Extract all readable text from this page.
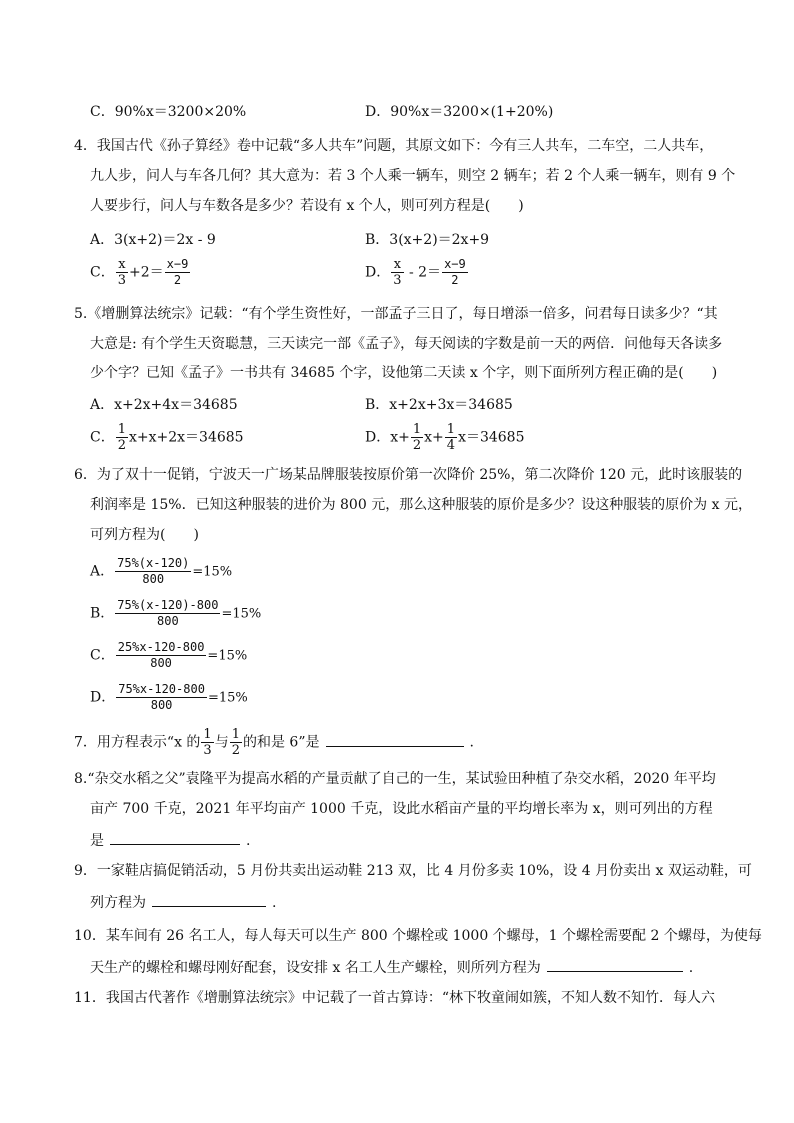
C．90%x＝3200×20%	D．90%x＝3200×(1+20%)
4．我国古代《孙子算经》卷中记载“多人共车”问题，其原文如下：今有三人共车，二车空，二人共车，
九人步，问人与车各几何？其大意为：若 3 个人乘一辆车，则空 2 辆车；若 2 个人乘一辆车，则有 9 个
人要步行，问人与车数各是多少？若设有 x 个人，则可列方程是(　　)
A．3(x+2)＝2x - 9	B．3(x+2)＝2x+9
C． $\frac{x}{3} +2= \frac{x-9}{2}$	D． $\frac{x}{3} - 2= \frac{x-9}{2}$
5.《增删算法统宗》记载：“有个学生资性好，一部孟子三日了，每日增添一倍多，问君每日读多少？“其
大意是: 有个学生天资聪慧，三天读完一部《孟子》，每天阅读的字数是前一天的两倍．问他每天各读多
少个字？已知《孟子》一书共有 34685 个字，设他第二天读 x 个字，则下面所列方程正确的是(　　)
A．x+2x+4x＝34685	B．x+2x+3x＝34685
C． $\frac{1}{2} x+x+2x=34685$	D．$x+ \frac{1}{2} x+ \frac{1}{4} x=34685$
6．为了双十一促销，宁波天一广场某品牌服装按原价第一次降价 25%，第二次降价 120 元，此时该服装的
利润率是 15%．已知这种服装的进价为 800 元，那么这种服装的原价是多少？设这种服装的原价为 x 元，
可列方程为(　　)
A． $\frac{75\%(x-120)}{800} =15\%$
B． $\frac{75\%(x-120)-800}{800} =15\%$
C． $\frac{25\%x-120-800}{800} =15\%$
D． $\frac{75\%x-120-800}{800} =15\%$
7．用方程表示“x 的 $\frac{1}{3}$ 与 $\frac{1}{2}$ 的和是 6”是	.
8.“杂交水稻之父”袁隆平为提高水稻的产量贡献了自己的一生，某试验田种植了杂交水稻，2020 年平均
亩产 700 千克，2021 年平均亩产 1000 千克，设此水稻亩产量的平均增长率为 x，则可列出的方程
是	.
9．一家鞋店搞促销活动，5 月份共卖出运动鞋 213 双，比 4 月份多卖 10%，设 4 月份卖出 x 双运动鞋，可
列方程为	.
10．某车间有 26 名工人，每人每天可以生产 800 个螺栓或 1000 个螺母，1 个螺栓需要配 2 个螺母，为使每
天生产的螺栓和螺母刚好配套，设安排 x 名工人生产螺栓，则所列方程为	.
11．我国古代著作《增删算法统宗》中记载了一首古算诗：“林下牧童闹如簇，不知人数不知竹．每人六
